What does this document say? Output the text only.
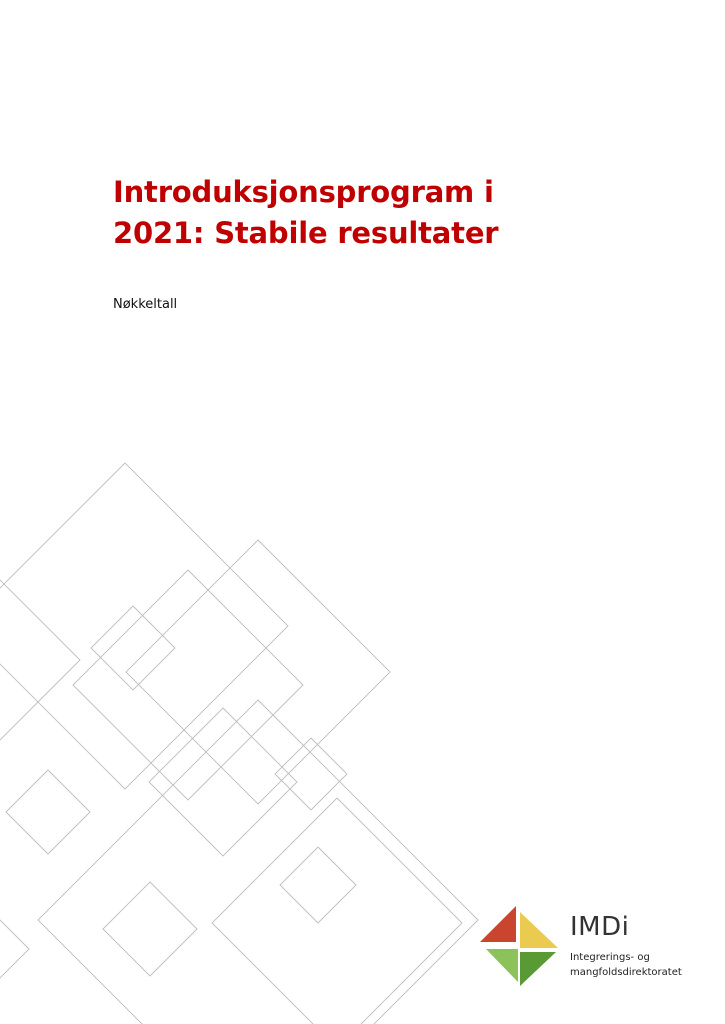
Introduksjonsprogram i
2021: Stabile resultater

Nøkkeltall

IMDi
Integrerings- og
mangfoldsdirektoratet
